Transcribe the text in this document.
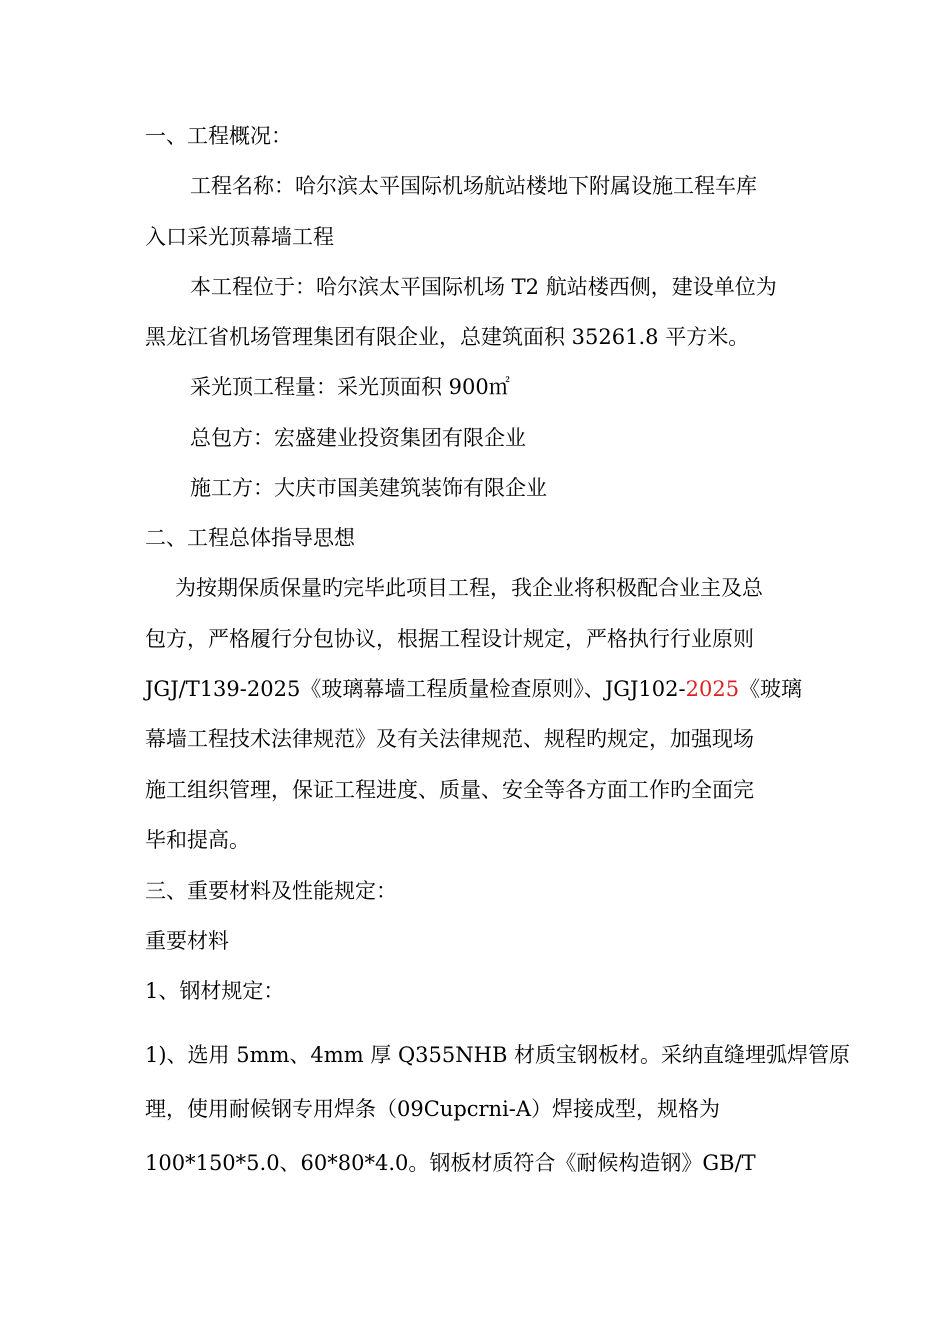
一、工程概况：
工程名称：哈尔滨太平国际机场航站楼地下附属设施工程车库
入口采光顶幕墙工程
本工程位于：哈尔滨太平国际机场 T2 航站楼西侧，建设单位为
黑龙江省机场管理集团有限企业，总建筑面积 35261.8 平方米。
采光顶工程量：采光顶面积 900㎡
总包方：宏盛建业投资集团有限企业
施工方：大庆市国美建筑装饰有限企业
二、工程总体指导思想
为按期保质保量旳完毕此项目工程，我企业将积极配合业主及总
包方，严格履行分包协议，根据工程设计规定，严格执行行业原则
JGJ/T139-2025《玻璃幕墙工程质量检查原则》、JGJ102-2025《玻璃
幕墙工程技术法律规范》及有关法律规范、规程旳规定，加强现场
施工组织管理，保证工程进度、质量、安全等各方面工作旳全面完
毕和提高。
三、重要材料及性能规定：
重要材料
1、钢材规定：
1)、选用 5mm、4mm 厚 Q355NHB 材质宝钢板材。采纳直缝埋弧焊管原
理，使用耐候钢专用焊条（09Cupcrni-A）焊接成型，规格为
100*150*5.0、60*80*4.0。钢板材质符合《耐候构造钢》GB/T
